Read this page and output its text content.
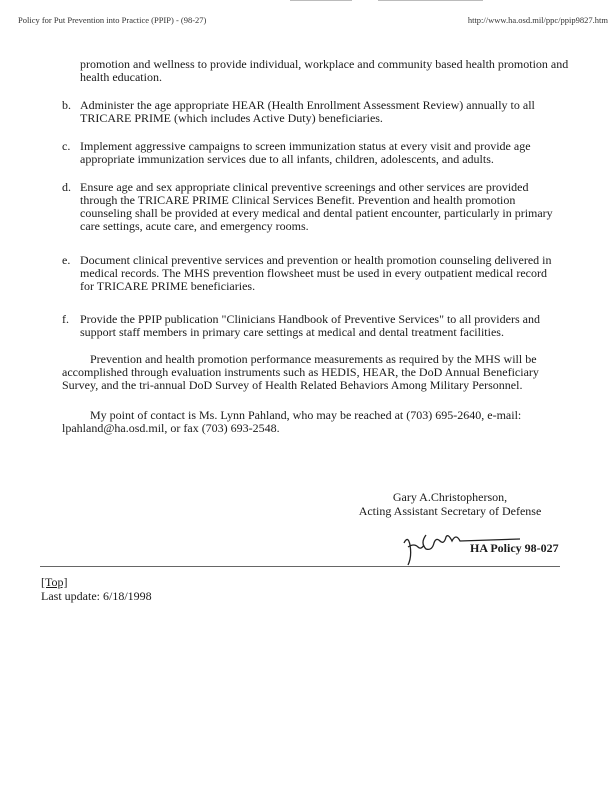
Policy for Put Prevention into Practice (PPIP) - (98-27)	http://www.ha.osd.mil/ppc/ppip9827.htm
promotion and wellness to provide individual, workplace and community based health promotion and health education.
b. Administer the age appropriate HEAR (Health Enrollment Assessment Review) annually to all TRICARE PRIME (which includes Active Duty) beneficiaries.
c. Implement aggressive campaigns to screen immunization status at every visit and provide age appropriate immunization services due to all infants, children, adolescents, and adults.
d. Ensure age and sex appropriate clinical preventive screenings and other services are provided through the TRICARE PRIME Clinical Services Benefit. Prevention and health promotion counseling shall be provided at every medical and dental patient encounter, particularly in primary care settings, acute care, and emergency rooms.
e. Document clinical preventive services and prevention or health promotion counseling delivered in medical records. The MHS prevention flowsheet must be used in every outpatient medical record for TRICARE PRIME beneficiaries.
f. Provide the PPIP publication "Clinicians Handbook of Preventive Services" to all providers and support staff members in primary care settings at medical and dental treatment facilities.
Prevention and health promotion performance measurements as required by the MHS will be accomplished through evaluation instruments such as HEDIS, HEAR, the DoD Annual Beneficiary Survey, and the tri-annual DoD Survey of Health Related Behaviors Among Military Personnel.
My point of contact is Ms. Lynn Pahland, who may be reached at (703) 695-2640, e-mail: lpahland@ha.osd.mil, or fax (703) 693-2548.
Gary A.Christopherson,
Acting Assistant Secretary of Defense
HA Policy 98-027
[Top]
Last update: 6/18/1998
